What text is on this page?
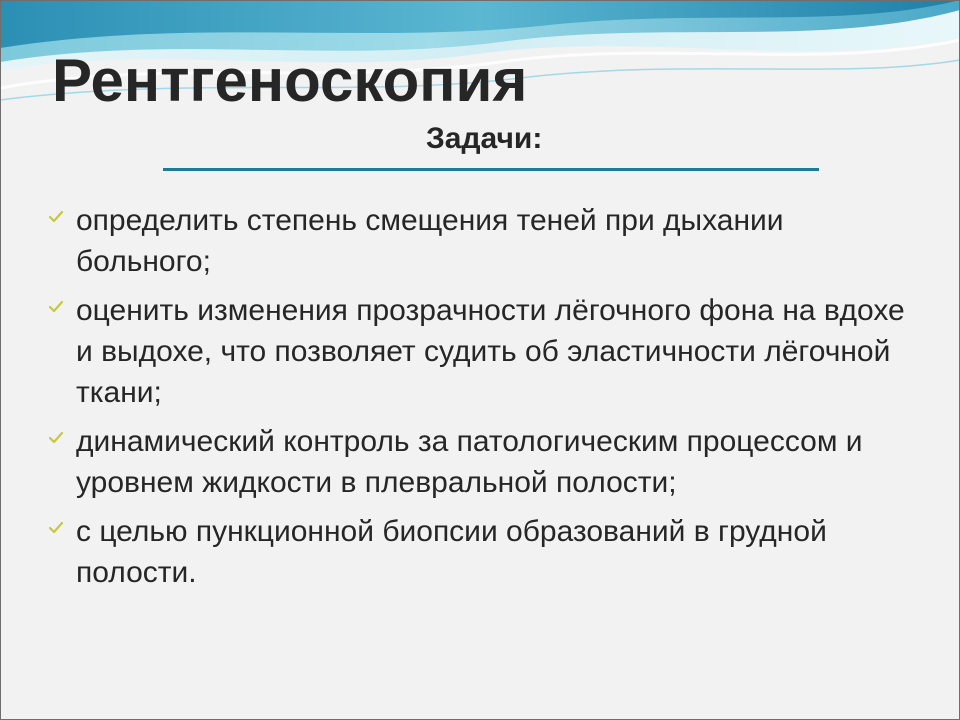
Рентгеноскопия
Задачи:
определить степень смещения теней при дыхании больного;
оценить изменения прозрачности лёгочного фона на вдохе и выдохе, что позволяет судить об эластичности лёгочной ткани;
динамический контроль за патологическим процессом и уровнем жидкости в плевральной полости;
с целью пункционной биопсии образований в грудной полости.
